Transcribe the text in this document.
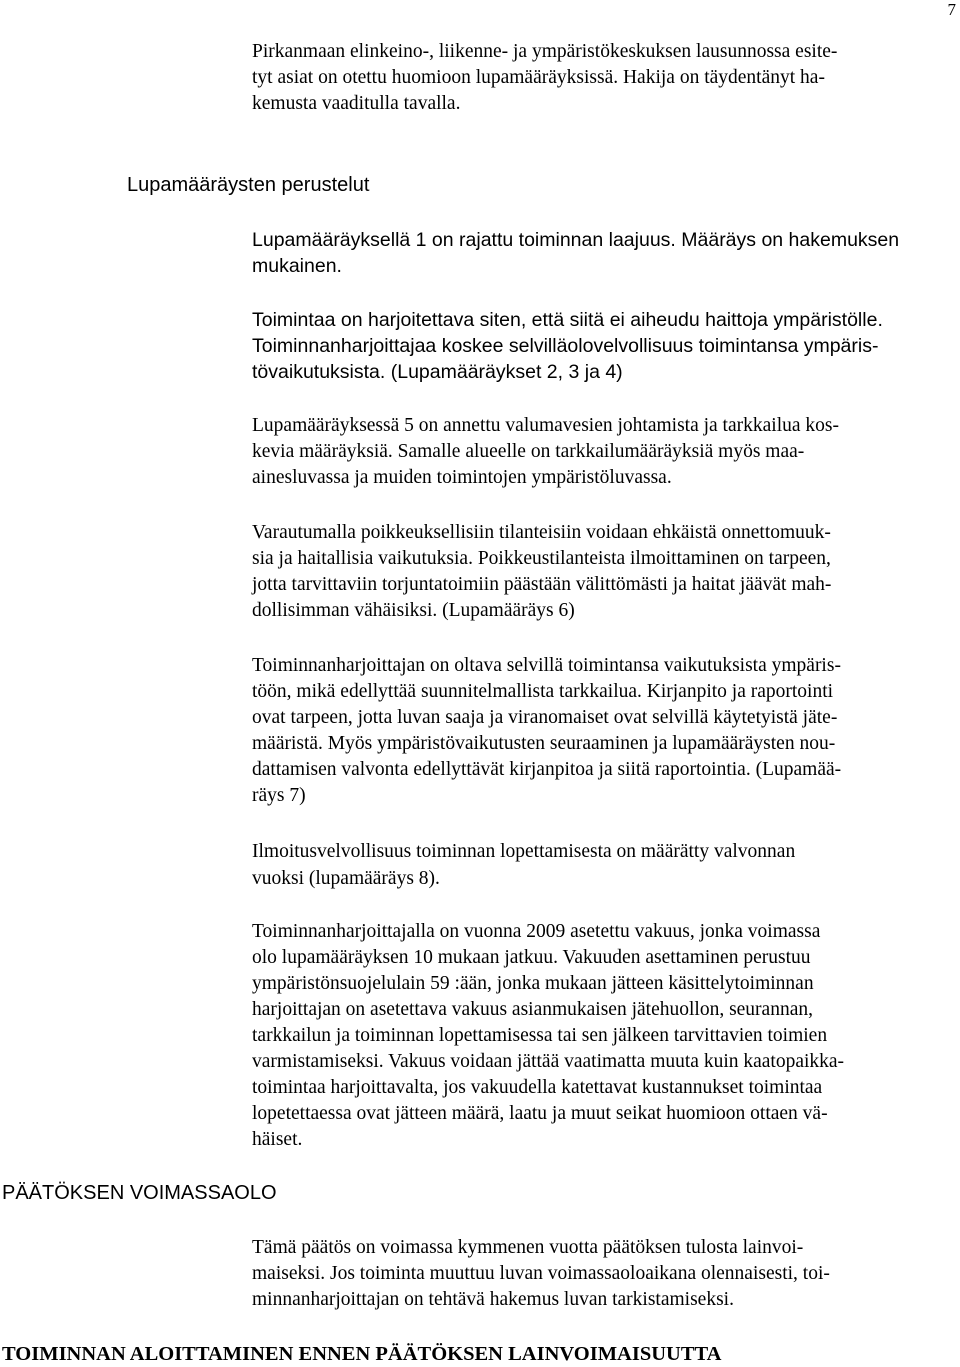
7
Pirkanmaan elinkeino-, liikenne- ja ympäristökeskuksen lausunnossa esite-
tyt asiat on otettu huomioon lupamääräyksissä. Hakija on täydentänyt ha-
kemusta vaaditulla tavalla.
Lupamääräysten perustelut
Lupamääräyksellä 1 on rajattu toiminnan laajuus. Määräys on hakemuksen
mukainen.
Toimintaa on harjoitettava siten, että siitä ei aiheudu haittoja ympäristölle.
Toiminnanharjoittajaa koskee selvilläolovelvollisuus toimintansa ympäris-
tövaikutuksista. (Lupamääräykset 2, 3 ja 4)
Lupamääräyksessä 5 on annettu valumavesien johtamista ja tarkkailua kos-
kevia määräyksiä. Samalle alueelle on tarkkailumääräyksiä myös maa-
ainesluvassa ja muiden toimintojen ympäristöluvassa.
Varautumalla poikkeuksellisiin tilanteisiin voidaan ehkäistä onnettomuuk-
sia ja haitallisia vaikutuksia. Poikkeustilanteista ilmoittaminen on tarpeen,
jotta tarvittaviin torjuntatoimiin päästään välittömästi ja haitat jäävät mah-
dollisimman vähäisiksi. (Lupamääräys 6)
Toiminnanharjoittajan on oltava selvillä toimintansa vaikutuksista ympäris-
töön, mikä edellyttää suunnitelmallista tarkkailua. Kirjanpito ja raportointi
ovat tarpeen, jotta luvan saaja ja viranomaiset ovat selvillä käytetyistä jäte-
määristä. Myös ympäristövaikutusten seuraaminen ja lupamääräysten nou-
dattamisen valvonta edellyttävät kirjanpitoa ja siitä raportointia. (Lupamää-
räys 7)
Ilmoitusvelvollisuus toiminnan lopettamisesta on määrätty valvonnan
vuoksi (lupamääräys 8).
Toiminnanharjoittajalla on vuonna 2009 asetettu vakuus, jonka voimassa
olo lupamääräyksen 10 mukaan jatkuu. Vakuuden asettaminen perustuu
ympäristönsuojelulain 59 :ään, jonka mukaan jätteen käsittelytoiminnan
harjoittajan on asetettava vakuus asianmukaisen jätehuollon, seurannan,
tarkkailun ja toiminnan lopettamisessa tai sen jälkeen tarvittavien toimien
varmistamiseksi. Vakuus voidaan jättää vaatimatta muuta kuin kaatopaikka-
toimintaa harjoittavalta, jos vakuudella katettavat kustannukset toimintaa
lopetettaessa ovat jätteen määrä, laatu ja muut seikat huomioon ottaen vä-
häiset.
PÄÄTÖKSEN VOIMASSAOLO
Tämä päätös on voimassa kymmenen vuotta päätöksen tulosta lainvoi-
maiseksi. Jos toiminta muuttuu luvan voimassaoloaikana olennaisesti, toi-
minnanharjoittajan on tehtävä hakemus luvan tarkistamiseksi.
TOIMINNAN ALOITTAMINEN ENNEN PÄÄTÖKSEN LAINVOIMAISUUTTA
